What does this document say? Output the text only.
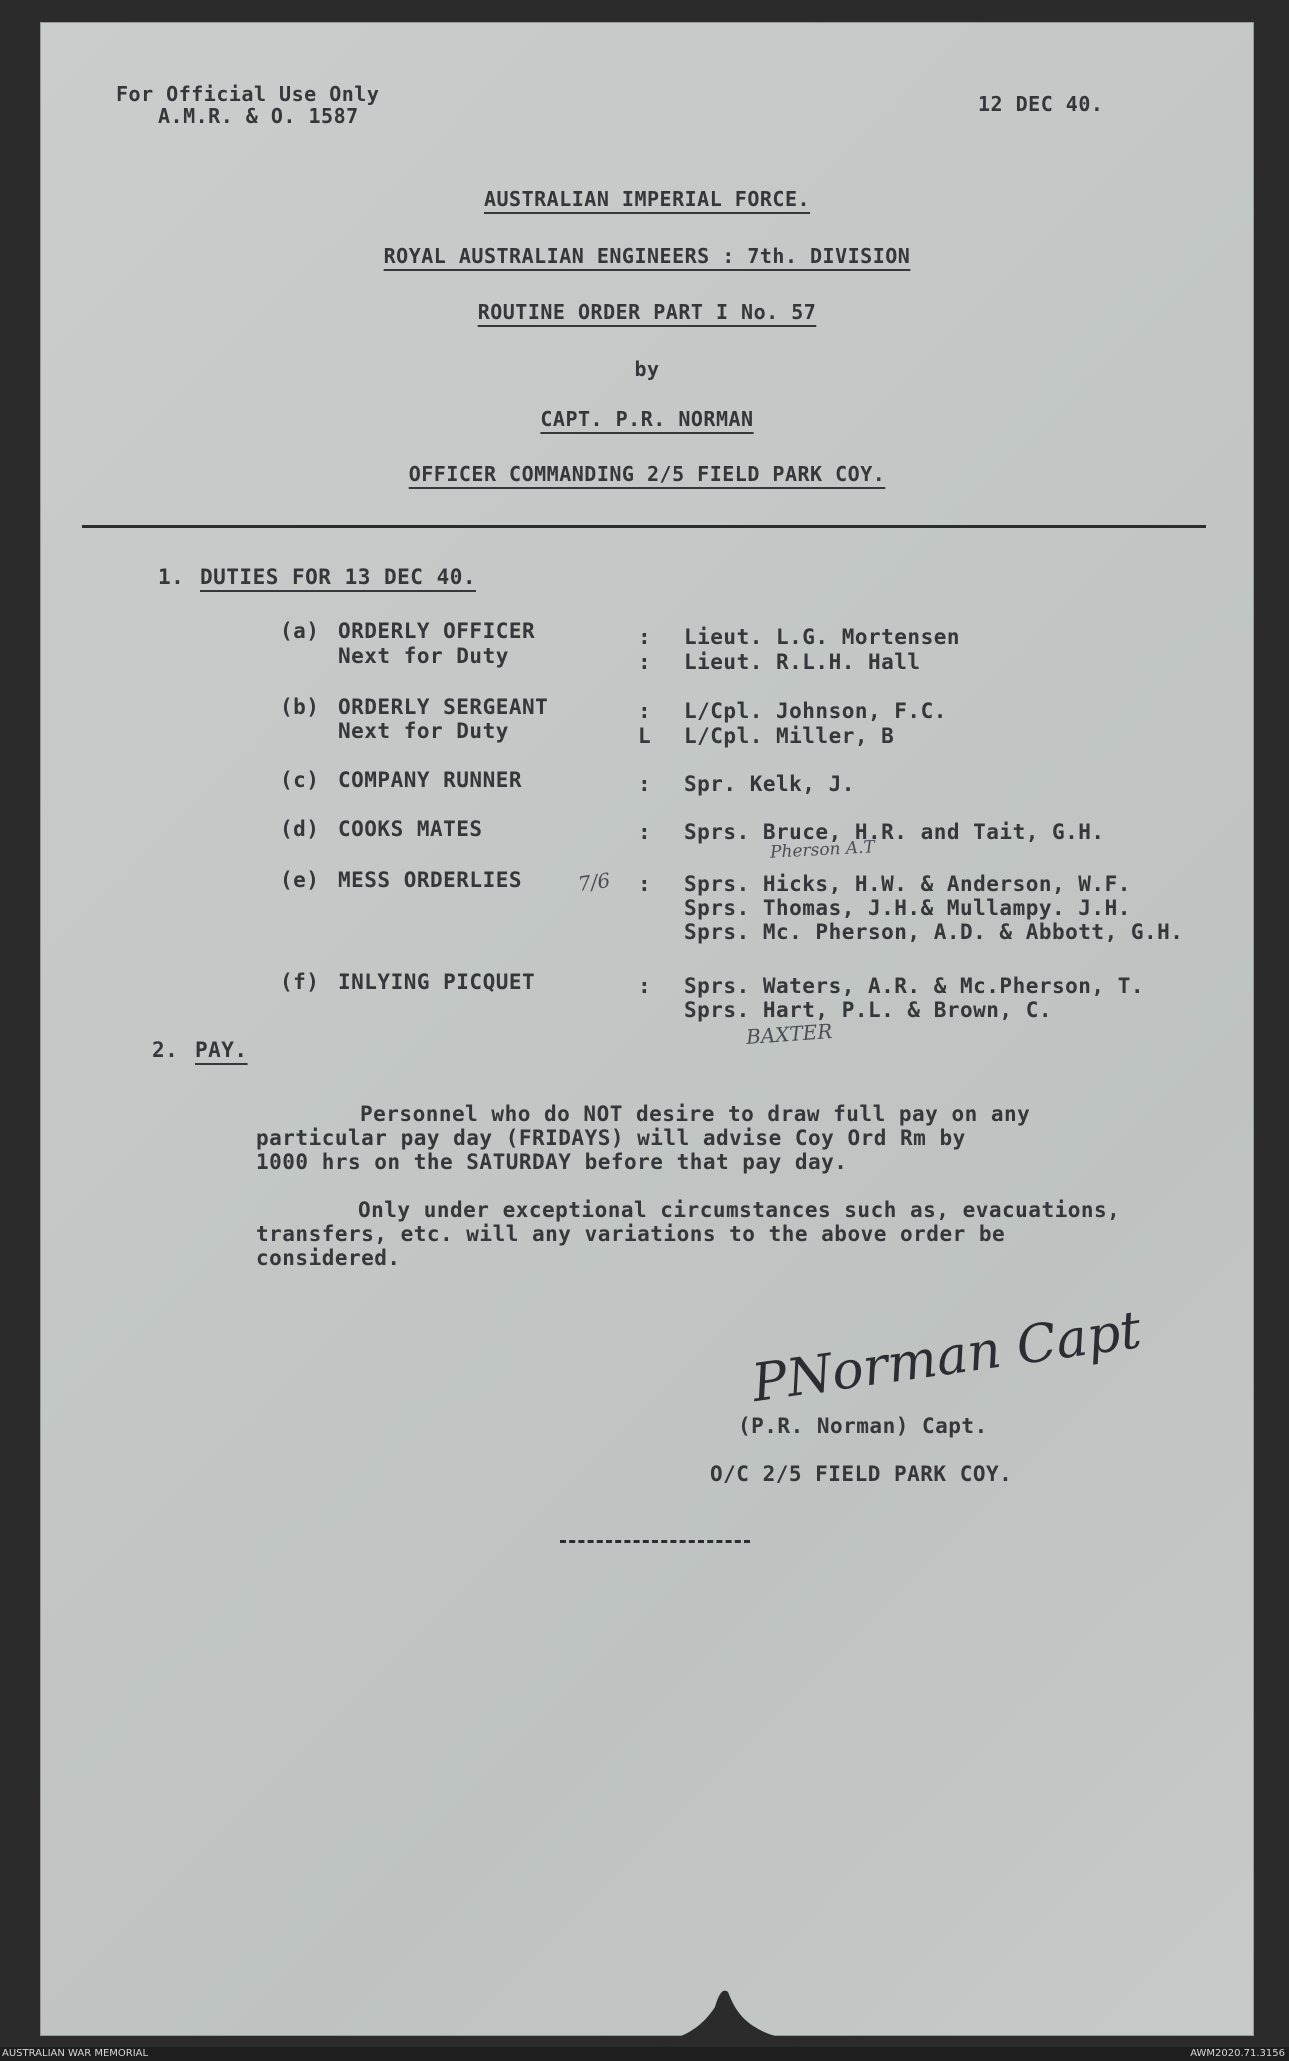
For Official Use Only
A.M.R. & O. 1587	12 DEC 40.
AUSTRALIAN IMPERIAL FORCE.
ROYAL AUSTRALIAN ENGINEERS : 7th. DIVISION
ROUTINE ORDER PART I No. 57
by
CAPT. P.R. NORMAN
OFFICER COMMANDING 2/5 FIELD PARK COY.
1. DUTIES FOR 13 DEC 40.
(a) ORDERLY OFFICER	: Lieut. L.G. Mortensen
Next for Duty	: Lieut. R.L.H. Hall
(b) ORDERLY SERGEANT	: L/Cpl. Johnson, F.C.
Next for Duty	L L/Cpl. Miller, B
(c) COMPANY RUNNER	: Spr. Kelk, J.
(d) COOKS MATES	: Sprs. Bruce, H.R. and Tait, G.H.
Pherson A.T
(e) MESS ORDERLIES	7/6 : Sprs. Hicks, H.W. & Anderson, W.F.
Sprs. Thomas, J.H.& Mullampy. J.H.
Sprs. Mc. Pherson, A.D. & Abbott, G.H.
(f) INLYING PICQUET	: Sprs. Waters, A.R. & Mc.Pherson, T.
Sprs. Hart, P.L. & Brown, C.
BAXTER
2. PAY.
Personnel who do NOT desire to draw full pay on any
particular pay day (FRIDAYS) will advise Coy Ord Rm by
1000 hrs on the SATURDAY before that pay day.
Only under exceptional circumstances such as, evacuations,
transfers, etc. will any variations to the above order be
considered.
PNorman Capt
(P.R. Norman) Capt.
O/C 2/5 FIELD PARK COY.
AUSTRALIAN WAR MEMORIAL	AWM2020.71.3156
